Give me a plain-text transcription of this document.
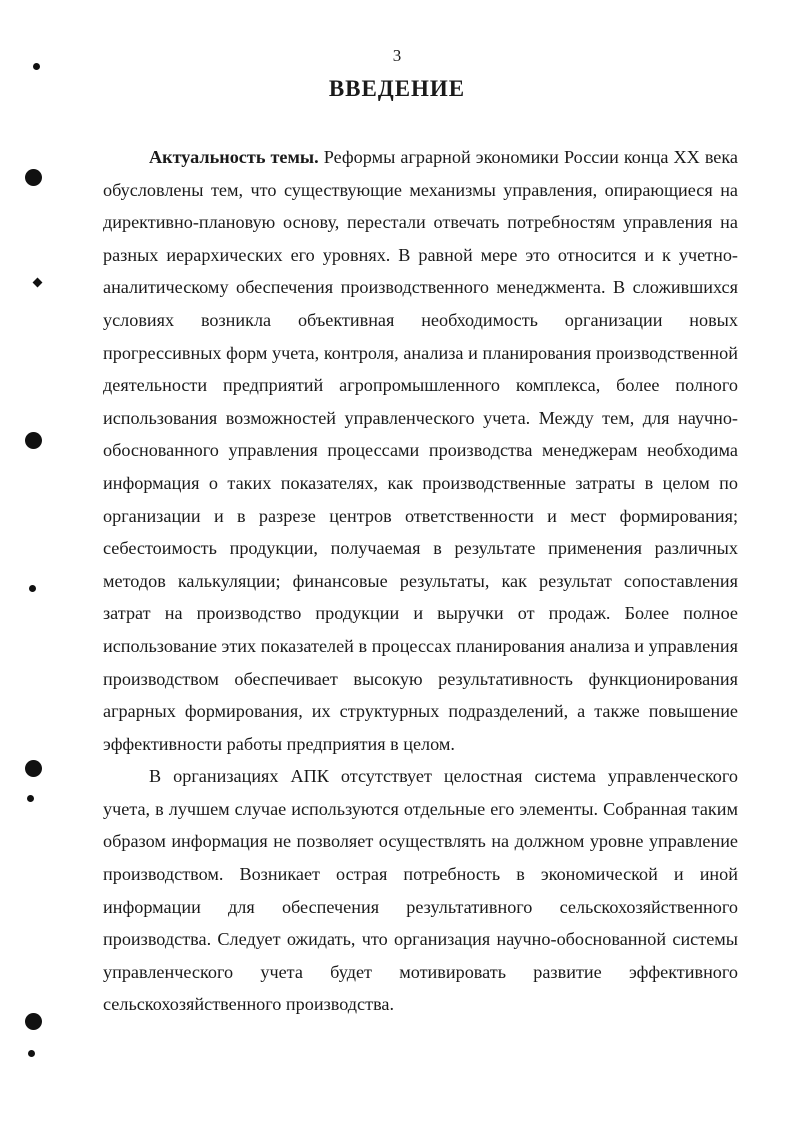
3
ВВЕДЕНИЕ

Актуальность темы. Реформы аграрной экономики России конца XX века обусловлены тем, что существующие механизмы управления, опирающиеся на директивно-плановую основу, перестали отвечать потребностям управления на разных иерархических его уровнях. В равной мере это относится и к учетно-аналитическому обеспечения производственного менеджмента. В сложившихся условиях возникла объективная необходимость организации новых прогрессивных форм учета, контроля, анализа и планирования производственной деятельности предприятий агропромышленного комплекса, более полного использования возможностей управленческого учета. Между тем, для научно-обоснованного управления процессами производства менеджерам необходима информация о таких показателях, как производственные затраты в целом по организации и в разрезе центров ответственности и мест формирования; себестоимость продукции, получаемая в результате применения различных методов калькуляции; финансовые результаты, как результат сопоставления затрат на производство продукции и выручки от продаж. Более полное использование этих показателей в процессах планирования анализа и управления производством обеспечивает высокую результативность функционирования аграрных формирования, их структурных подразделений, а также повышение эффективности работы предприятия в целом.

В организациях АПК отсутствует целостная система управленческого учета, в лучшем случае используются отдельные его элементы. Собранная таким образом информация не позволяет осуществлять на должном уровне управление производством. Возникает острая потребность в экономической и иной информации для обеспечения результативного сельскохозяйственного производства. Следует ожидать, что организация научно-обоснованной системы управленческого учета будет мотивировать развитие эффективного сельскохозяйственного производства.
